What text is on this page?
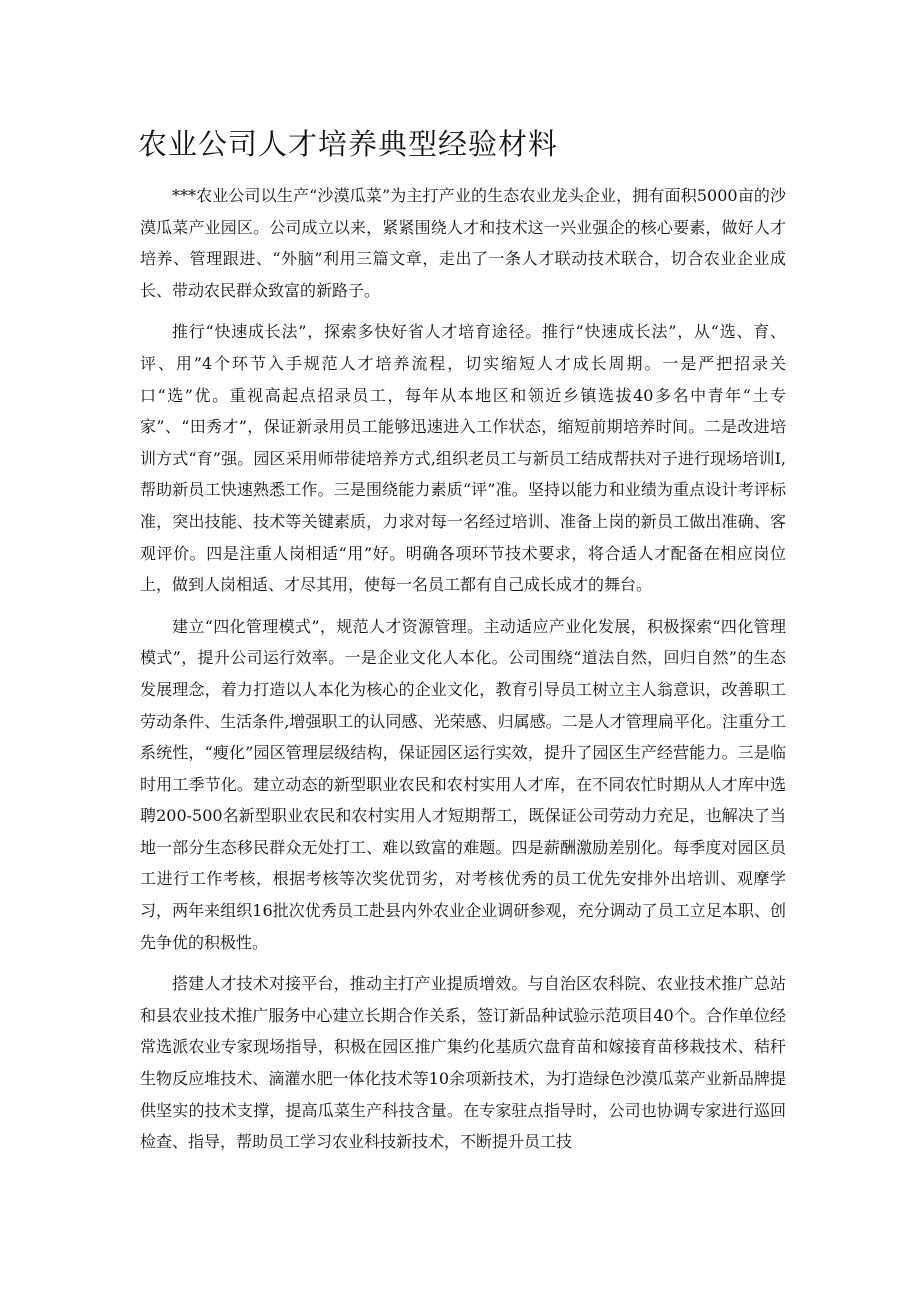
农业公司人才培养典型经验材料

***农业公司以生产“沙漠瓜菜”为主打产业的生态农业龙头企业，拥有面积5000亩的沙漠瓜菜产业园区。公司成立以来，紧紧围绕人才和技术这一兴业强企的核心要素，做好人才培养、管理跟进、“外脑”利用三篇文章，走出了一条人才联动技术联合，切合农业企业成长、带动农民群众致富的新路子。

推行“快速成长法”，探索多快好省人才培育途径。推行“快速成长法”，从“选、育、评、用”4个环节入手规范人才培养流程，切实缩短人才成长周期。一是严把招录关口“选”优。重视高起点招录员工，每年从本地区和领近乡镇选拔40多名中青年“土专家”、“田秀才”，保证新录用员工能够迅速进入工作状态，缩短前期培养时间。二是改进培训方式“育”强。园区采用师带徒培养方式,组织老员工与新员工结成帮扶对子进行现场培训I,帮助新员工快速熟悉工作。三是围绕能力素质“评”准。坚持以能力和业绩为重点设计考评标准，突出技能、技术等关键素质，力求对每一名经过培训、准备上岗的新员工做出准确、客观评价。四是注重人岗相适“用”好。明确各项环节技术要求，将合适人才配备在相应岗位上，做到人岗相适、才尽其用，使每一名员工都有自己成长成才的舞台。

建立“四化管理模式”，规范人才资源管理。主动适应产业化发展，积极探索“四化管理模式”，提升公司运行效率。一是企业文化人本化。公司围绕“道法自然，回归自然”的生态发展理念，着力打造以人本化为核心的企业文化，教育引导员工树立主人翁意识，改善职工劳动条件、生活条件,增强职工的认同感、光荣感、归属感。二是人才管理扁平化。注重分工系统性，“瘦化”园区管理层级结构，保证园区运行实效，提升了园区生产经营能力。三是临时用工季节化。建立动态的新型职业农民和农村实用人才库，在不同农忙时期从人才库中选聘200-500名新型职业农民和农村实用人才短期帮工，既保证公司劳动力充足，也解决了当地一部分生态移民群众无处打工、难以致富的难题。四是薪酬激励差别化。每季度对园区员工进行工作考核，根据考核等次奖优罚劣，对考核优秀的员工优先安排外出培训、观摩学习，两年来组织16批次优秀员工赴县内外农业企业调研参观，充分调动了员工立足本职、创先争优的积极性。

搭建人才技术对接平台，推动主打产业提质增效。与自治区农科院、农业技术推广总站和县农业技术推广服务中心建立长期合作关系，签订新品种试验示范项目40个。合作单位经常选派农业专家现场指导，积极在园区推广集约化基质穴盘育苗和嫁接育苗移栽技术、秸秆生物反应堆技术、滴灌水肥一体化技术等10余项新技术，为打造绿色沙漠瓜菜产业新品牌提供坚实的技术支撑，提高瓜菜生产科技含量。在专家驻点指导时，公司也协调专家进行巡回检查、指导，帮助员工学习农业科技新技术，不断提升员工技
